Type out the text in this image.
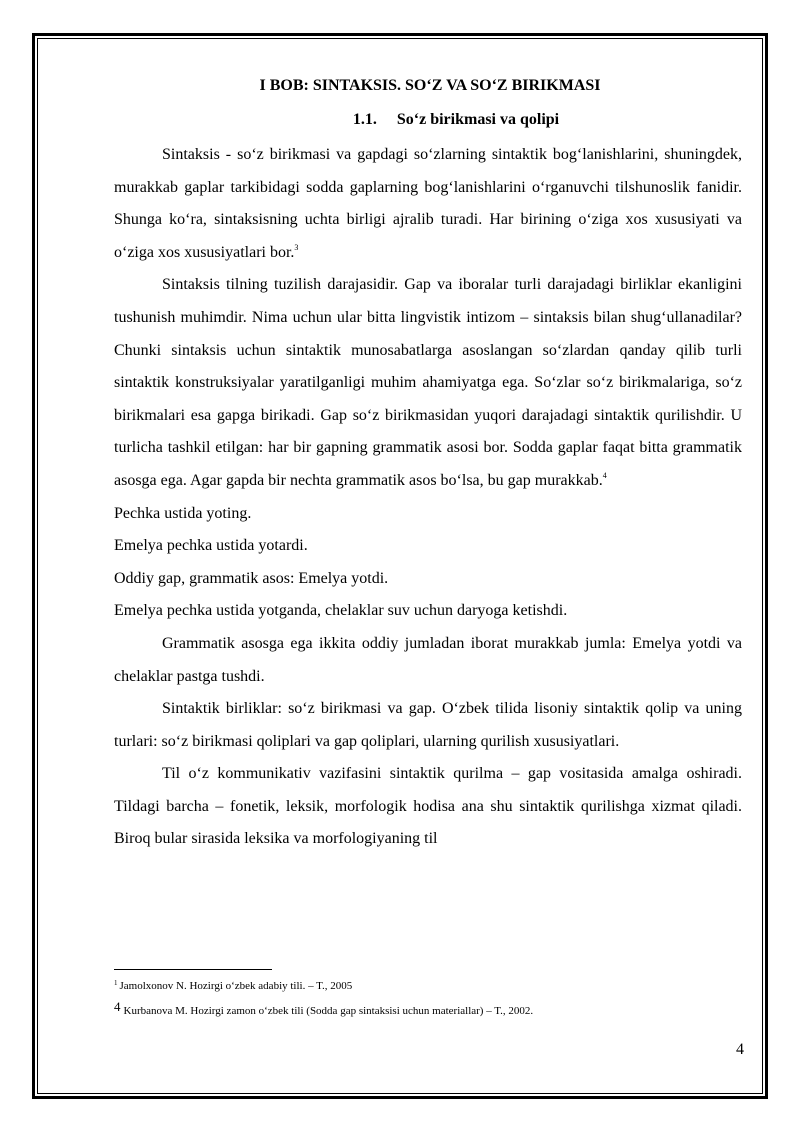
I BOB: SINTAKSIS. SO‘Z VA SO‘Z BIRIKMASI
1.1. So‘z birikmasi va qolipi

Sintaksis - so‘z birikmasi va gapdagi so‘zlarning sintaktik bog‘lanishlarini, shuningdek, murakkab gaplar tarkibidagi sodda gaplarning bog‘lanishlarini o‘rganuvchi tilshunoslik fanidir. Shunga ko‘ra, sintaksisning uchta birligi ajralib turadi. Har birining o‘ziga xos xususiyati va o‘ziga xos xususiyatlari bor.$^3$

Sintaksis tilning tuzilish darajasidir. Gap va iboralar turli darajadagi birliklar ekanligini tushunish muhimdir. Nima uchun ular bitta lingvistik intizom – sintaksis bilan shug‘ullanadilar? Chunki sintaksis uchun sintaktik munosabatlarga asoslangan so‘zlardan qanday qilib turli sintaktik konstruksiyalar yaratilganligi muhim ahamiyatga ega. So‘zlar so‘z birikmalariga, so‘z birikmalari esa gapga birikadi. Gap so‘z birikmasidan yuqori darajadagi sintaktik qurilishdir. U turlicha tashkil etilgan: har bir gapning grammatik asosi bor. Sodda gaplar faqat bitta grammatik asosga ega. Agar gapda bir nechta grammatik asos bo‘lsa, bu gap murakkab.$^4$

Pechka ustida yoting.

Emelya pechka ustida yotardi.

Oddiy gap, grammatik asos: Emelya yotdi.

Emelya pechka ustida yotganda, chelaklar suv uchun daryoga ketishdi.

Grammatik asosga ega ikkita oddiy jumladan iborat murakkab jumla: Emelya yotdi va chelaklar pastga tushdi.

Sintaktik birliklar: so‘z birikmasi va gap. O‘zbek tilida lisoniy sintaktik qolip va uning turlari: so‘z birikmasi qoliplari va gap qoliplari, ularning qurilish xususiyatlari.

Til o‘z kommunikativ vazifasini sintaktik qurilma – gap vositasida amalga oshiradi. Tildagi barcha – fonetik, leksik, morfologik hodisa ana shu sintaktik qurilishga xizmat qiladi. Biroq bular sirasida leksika va morfologiyaning til

$^1$ Jamolxonov N. Hozirgi o‘zbek adabiy tili. – T., 2005
4 Kurbanova M. Hozirgi zamon o‘zbek tili (Sodda gap sintaksisi uchun materiallar) – T., 2002.
4
